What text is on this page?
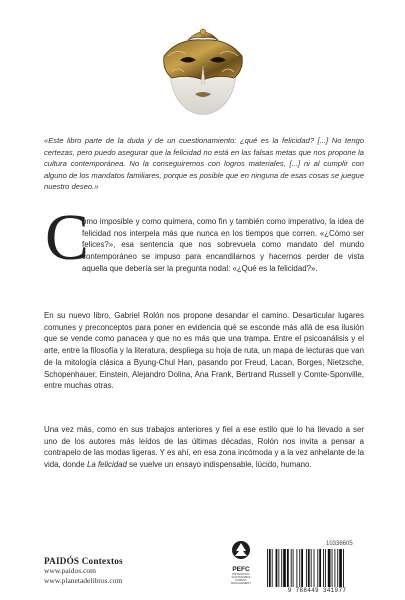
«Este libro parte de la duda y de un cuestionamiento: ¿qué es la felicidad? [...] No tengo certezas, pero puedo asegurar que la felicidad no está en las falsas metas que nos propone la cultura contemporánea. No la conseguiremos con logros materiales, [...] ni al cumplir con alguno de los mandatos familiares, porque es posible que en ninguna de esas cosas se juegue nuestro deseo.»

C

omo imposible y como quimera, como fin y también como imperativo, la idea de felicidad nos interpela más que nunca en los tiempos que corren. «¿Cómo ser felices?», esa sentencia que nos sobrevuela como mandato del mundo contemporáneo se impuso para encandilarnos y hacernos perder de vista aquella que debería ser la pregunta nodal: «¿Qué es la felicidad?».

En su nuevo libro, Gabriel Rolón nos propone desandar el camino. Desarticular lugares comunes y preconceptos para poner en evidencia qué se esconde más allá de esa ilusión que se vende como panacea y que no es más que una trampa. Entre el psicoanálisis y el arte, entre la filosofía y la literatura, despliega su hoja de ruta, un mapa de lecturas que van de la mitología clásica a Byung-Chul Han, pasando por Freud, Lacan, Borges, Nietzsche, Schopenhauer, Einstein, Alejandro Dolina, Ana Frank, Bertrand Russell y Comte-Sponville, entre muchas otras.

Una vez más, como en sus trabajos anteriores y fiel a ese estilo que lo ha llevado a ser uno de los autores más leídos de las últimas décadas, Rolón nos invita a pensar a contrapelo de las modas ligeras. Y es ahí, en esa zona incómoda y a la vez anhelante de la vida, donde La felicidad se vuelve un ensayo indispensable, lúcido, humano.

PAIDÓS Contextos
www.paidos.com
www.planetadelibros.com
PEFC
PROMOTING SUSTAINABLE FOREST MANAGEMENT
10336605
9 788449 341977
